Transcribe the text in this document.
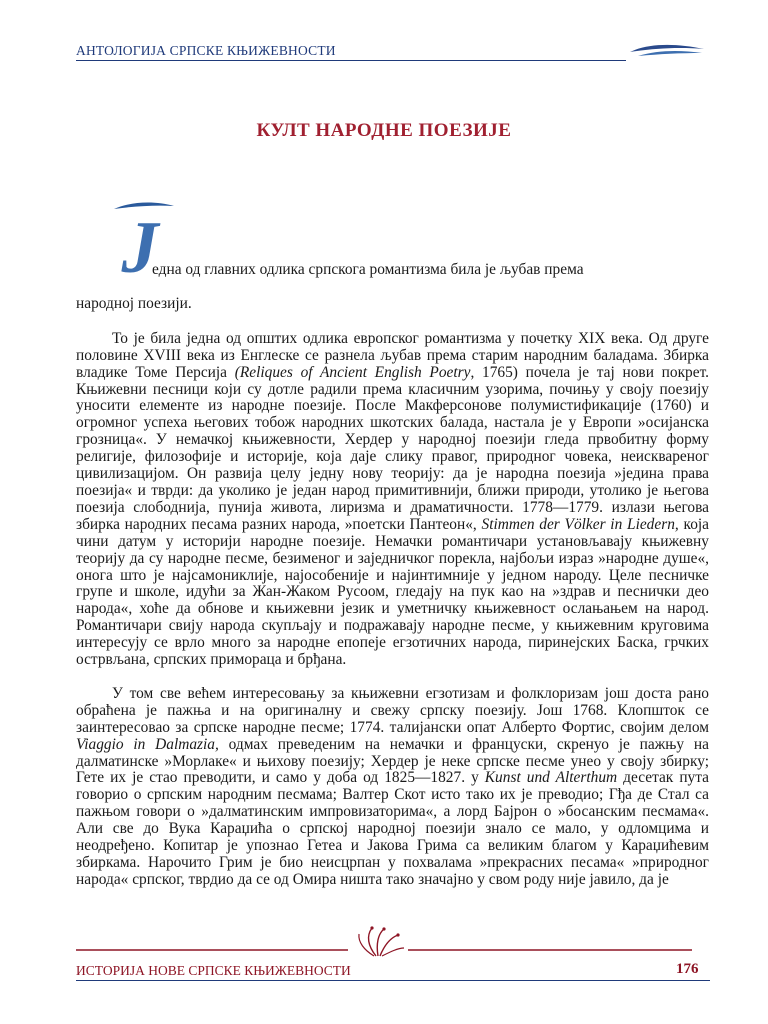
АНТОЛОГИЈА СРПСКЕ КЊИЖЕВНОСТИ
КУЛТ НАРОДНЕ ПОЕЗИЈЕ
Ј

една од главних одлика српскога романтизма била је љубав према
народној поезији.

То је била једна од општих одлика европског романтизма у почетку XIX века. Од друге половине XVIII века из Енглеске се разнела љубав према старим народним баладама. Збирка владике Томе Персија (Reliques of Ancient English Poetry, 1765) почела је тај нови покрет. Књижевни песници који су дотле радили према класичним узорима, почињу у своју поезију уносити елементе из народне поезије. После Макферсонове полумистификације (1760) и огромног успеха његових тобож народних шкотских балада, настала је у Европи »осијанска грозница«. У немачкој књижевности, Хердер у народној поезији гледа првобитну форму религије, филозофије и историје, која даје слику правог, природног човека, неисквареног цивилизацијом. Он развија целу једну нову теорију: да је народна поезија »једина права поезија« и тврди: да уколико је један народ примитивнији, ближи природи, утолико је његова поезија слободнија, пунија живота, лиризма и драматичности. 1778—1779. излази његова збирка народних песама разних народа, »поетски Пантеон«, Stimmen der Völker in Liedern, која чини датум у историји народне поезије. Немачки романтичари установљавају књижевну теорију да су народне песме, безименог и заједничког порекла, најбољи израз »народне душе«, онога што је најсамониклије, најособеније и најинтимније у једном народу. Целе песничке групе и школе, идући за Жан-Жаком Русоом, гледају на пук као на »здрав и песнички део народа«, хоће да обнове и књижевни језик и уметничку књижевност ослањањем на народ. Романтичари свију народа скупљају и подражавају народне песме, у књижевним круговима интересују се врло много за народне епопеје егзотичних народа, пиринејских Баска, грчких острвљана, српских примораца и брђана.

У том све већем интересовању за књижевни егзотизам и фолклоризам још доста рано обраћена је пажња и на оригиналну и свежу српску поезију. Још 1768. Клопшток се заинтересовао за српске народне песме; 1774. талијански опат Алберто Фортис, својим делом Viaggio in Dalmazia, одмах преведеним на немачки и француски, скренуо је пажњу на далматинске »Морлаке« и њихову поезију; Хердер је неке српске песме унео у своју збирку; Гете их је стао преводити, и само у доба од 1825—1827. у Kunst und Alterthum десетак пута говорио о српским народним песмама; Валтер Скот исто тако их је преводио; Гђа де Стал са пажњом говори о »далматинским импровизаторима«, а лорд Бајрон о »босанским песмама«. Али све до Вука Караџића о српској народној поезији знало се мало, у одломцима и неодређено. Копитар је упознао Гетеа и Јакова Грима са великим благом у Караџићевим збиркама. Нарочито Грим је био неисцрпан у похвалама »прекрасних песама« »природног народа« српског, тврдио да се од Омира ништа тако значајно у свом роду није јавило, да је

ИСТОРИЈА НОВЕ СРПСКЕ КЊИЖЕВНОСТИ	176
